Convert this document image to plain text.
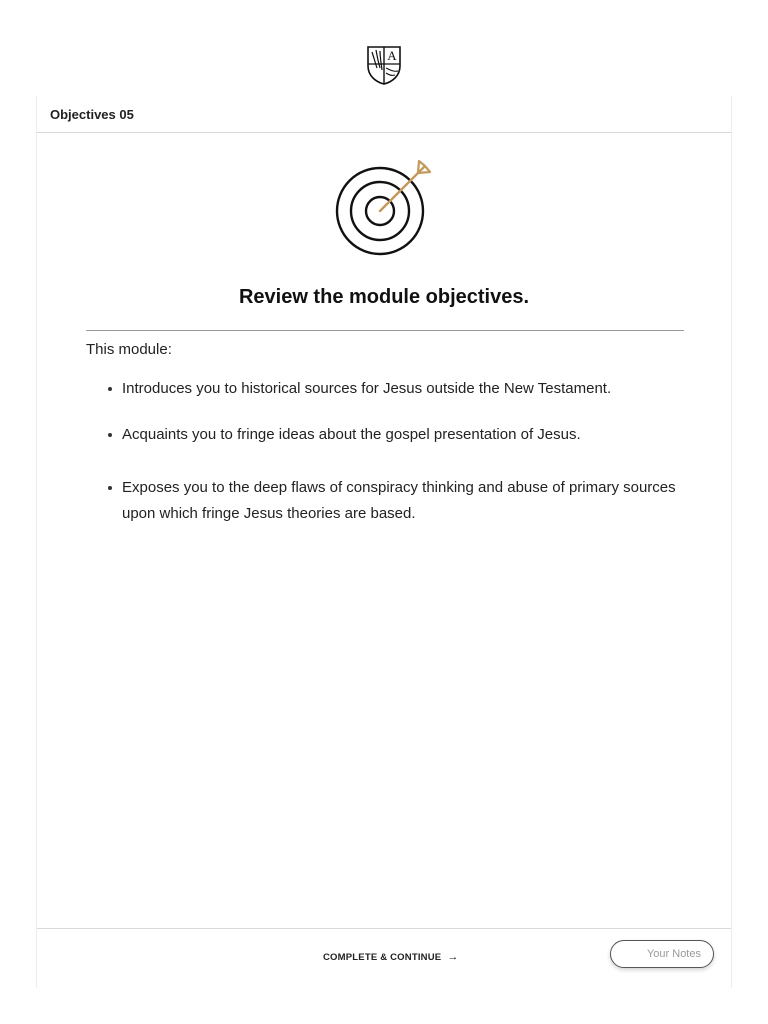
A
Objectives 05
Review the module objectives.
This module:
Introduces you to historical sources for Jesus outside the New Testament.
Acquaints you to fringe ideas about the gospel presentation of Jesus.
Exposes you to the deep flaws of conspiracy thinking and abuse of primary sources upon which fringe Jesus theories are based.
COMPLETE & CONTINUE →	Your Notes
